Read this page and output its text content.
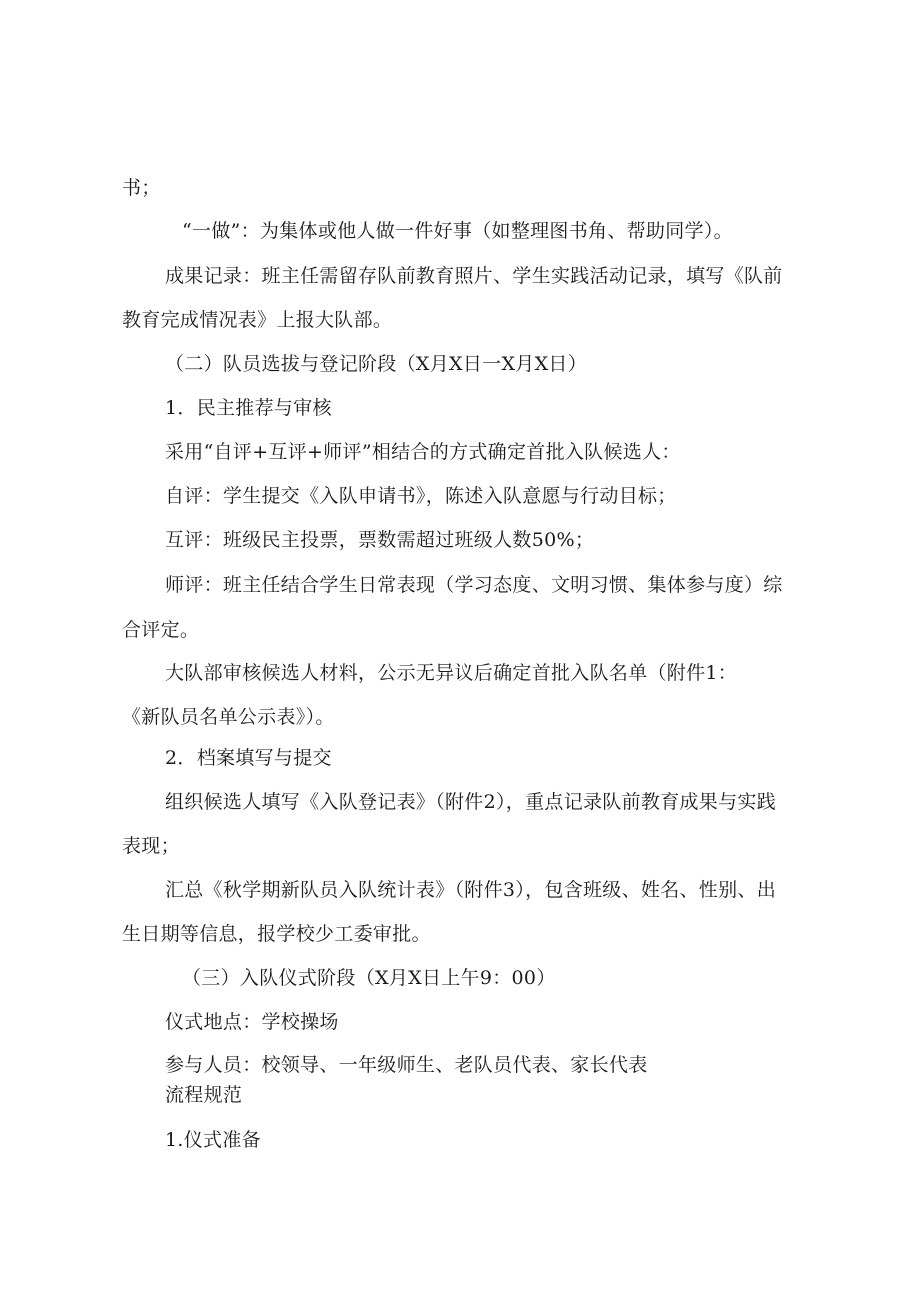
书；
“一做”：为集体或他人做一件好事（如整理图书角、帮助同学）。
成果记录：班主任需留存队前教育照片、学生实践活动记录，填写《队前
教育完成情况表》上报大队部。
（二）队员选拔与登记阶段（X月X日一X月X日）
1．民主推荐与审核
采用“自评+互评+师评”相结合的方式确定首批入队候选人：
自评：学生提交《入队申请书》，陈述入队意愿与行动目标；
互评：班级民主投票，票数需超过班级人数50%；
师评：班主任结合学生日常表现（学习态度、文明习惯、集体参与度）综
合评定。
大队部审核候选人材料，公示无异议后确定首批入队名单（附件1：
《新队员名单公示表》）。
2．档案填写与提交
组织候选人填写《入队登记表》（附件2），重点记录队前教育成果与实践
表现；
汇总《秋学期新队员入队统计表》（附件3），包含班级、姓名、性别、出
生日期等信息，报学校少工委审批。
（三）入队仪式阶段（X月X日上午9：00）
仪式地点：学校操场
参与人员：校领导、一年级师生、老队员代表、家长代表
流程规范
1.仪式准备
